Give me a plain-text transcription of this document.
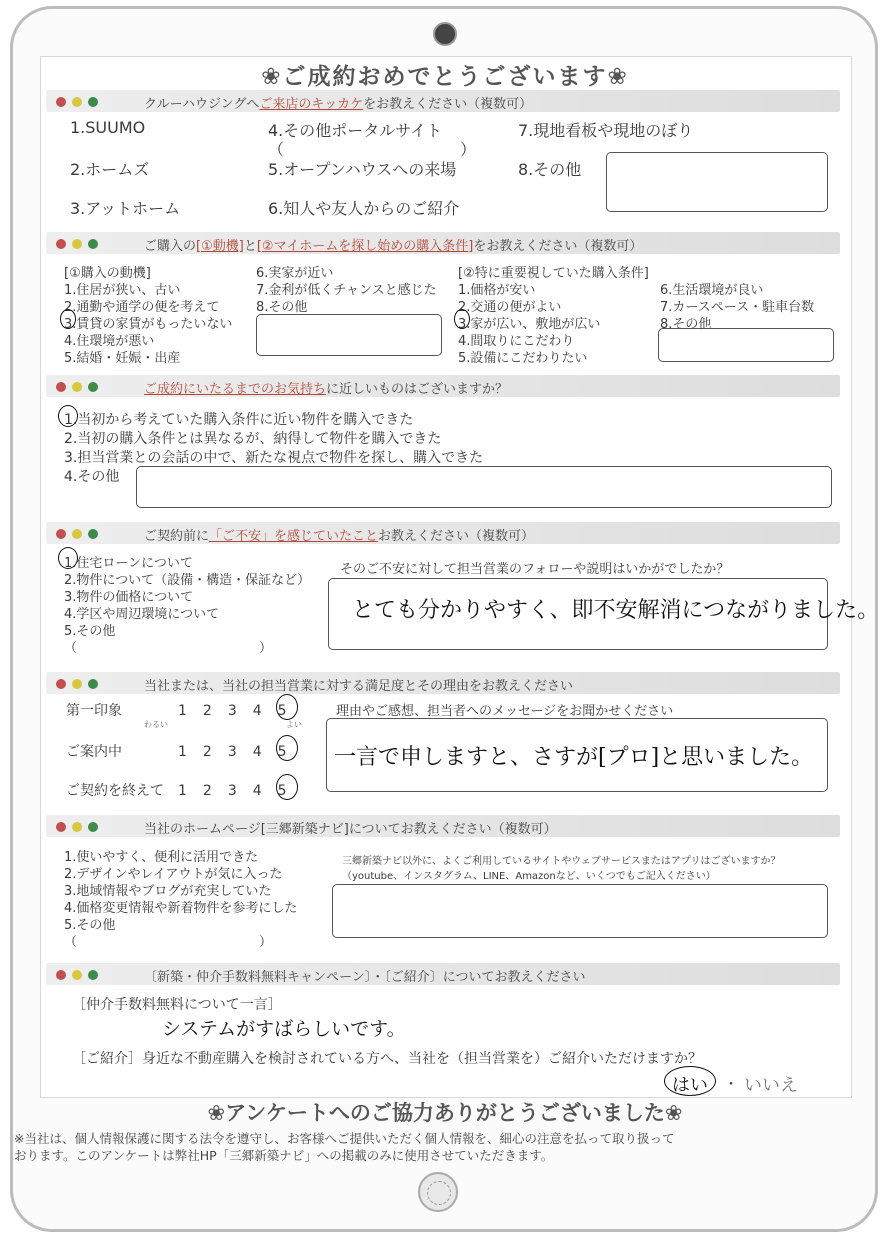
❀ご成約おめでとうございます❀
クルーハウジングへご来店のキッカケをお教えください（複数可）
1.SUUMO
2.ホームズ
3.アットホーム
4.その他ポータルサイト
（　　　　　　　　　　　）
5.オープンハウスへの来場
6.知人や友人からのご紹介
7.現地看板や現地のぼり
8.その他
ご購入の[①動機]と[②マイホームを探し始めの購入条件]をお教えください（複数可）
[①購入の動機]
1.住居が狭い、古い
2.通勤や通学の便を考えて
3.賃貸の家賃がもったいない
4.住環境が悪い
5.結婚・妊娠・出産
6.実家が近い
7.金利が低くチャンスと感じた
8.その他
[②特に重要視していた購入条件]
1.価格が安い
2.交通の便がよい
3.家が広い、敷地が広い
4.間取りにこだわり
5.設備にこだわりたい
6.生活環境が良い
7.カースペース・駐車台数
8.その他
ご成約にいたるまでのお気持ちに近しいものはございますか？
1.当初から考えていた購入条件に近い物件を購入できた
2.当初の購入条件とは異なるが、納得して物件を購入できた
3.担当営業との会話の中で、新たな視点で物件を探し、購入できた
4.その他
ご契約前に「ご不安」を感じていたことお教えください（複数可）
1.住宅ローンについて
2.物件について（設備・構造・保証など）
3.物件の価格について
4.学区や周辺環境について
5.その他
（　　　　　　　　　　　　　　）
そのご不安に対して担当営業のフォローや説明はいかがでしたか？
とても分かりやすく、即不安解消につながりました。
当社または、当社の担当営業に対する満足度とその理由をお教えください
第一印象	1　2　3　4　5
わるい	よい
ご案内中	1　2　3　4　5
ご契約を終えて 1　2　3　4　5
理由やご感想、担当者へのメッセージをお聞かせください
一言で申しますと、さすが[プロ]と思いました。
当社のホームページ[三郷新築ナビ]についてお教えください（複数可）
1.使いやすく、便利に活用できた
2.デザインやレイアウトが気に入った
3.地域情報やブログが充実していた
4.価格変更情報や新着物件を参考にした
5.その他
（　　　　　　　　　　　　　　）
三郷新築ナビ以外に、よくご利用しているサイトやウェブサービスまたはアプリはございますか？
（youtube、インスタグラム、LINE、Amazonなど、いくつでもご記入ください）
〔新築・仲介手数料無料キャンペーン〕・〔ご紹介〕についてお教えください
［仲介手数料無料について一言］
システムがすばらしいです。
［ご紹介］身近な不動産購入を検討されている方へ、当社を（担当営業を）ご紹介いただけますか？
はい ・ いいえ
❀アンケートへのご協力ありがとうございました❀
※当社は、個人情報保護に関する法令を遵守し、お客様へご提供いただく個人情報を、細心の注意を払って取り扱って
おります。このアンケートは弊社HP「三郷新築ナビ」への掲載のみに使用させていただきます。
